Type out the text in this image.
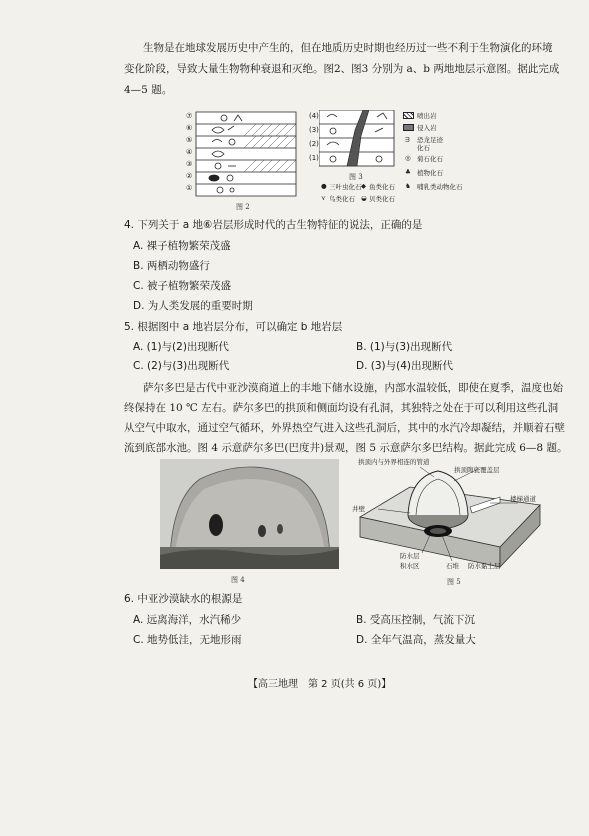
生物是在地球发展历史中产生的，但在地质历史时期也经历过一些不利于生物演化的环境
变化阶段，导致大量生物物种衰退和灭绝。图2、图3 分别为 a、b 两地地层示意图。据此完成
4—5 题。
⑦
⑥
⑤
④
③
②
①
图 2
(4)
(3)
(2)
(1)
图 3
喷出岩
侵入岩
ᗱ 恐龙足迹
化石
◎ 菊石化石
♣ 植物化石
♞ 哺乳类动物化石
● 三叶虫化石 ◆ 鱼类化石
⋎ 鸟类化石 ◒ 贝类化石
4. 下列关于 a 地⑥岩层形成时代的古生物特征的说法，正确的是
A. 裸子植物繁荣茂盛
B. 两栖动物盛行
C. 被子植物繁荣茂盛
D. 为人类发展的重要时期
5. 根据图中 a 地岩层分布，可以确定 b 地岩层
A. (1)与(2)出现断代	B. (1)与(3)出现断代
C. (2)与(3)出现断代	D. (3)与(4)出现断代
萨尔多巴是古代中亚沙漠商道上的丰地下储水设施，内部水温较低，即使在夏季，温度也始
终保持在 10 ℃ 左右。萨尔多巴的拱顶和侧面均设有孔洞，其独特之处在于可以利用这些孔洞
从空气中取水，通过空气循环，外界热空气进入这些孔洞后，其中的水汽冷却凝结，并顺着石壁
流到底部水池。图 4 示意萨尔多巴(巴度井)景观，图 5 示意萨尔多巴结构。据此完成 6—8 题。
图 4
拱顶内与外界相连的管道
拱顶陶瓷覆盖层
井壁
楼梯通道
防水层
积水区	石堆 防水黏土层
图 5
6. 中亚沙漠缺水的根源是
A. 远离海洋，水汽稀少	B. 受高压控制，气流下沉
C. 地势低洼，无地形雨	D. 全年气温高，蒸发量大
【高三地理　第 2 页(共 6 页)】
